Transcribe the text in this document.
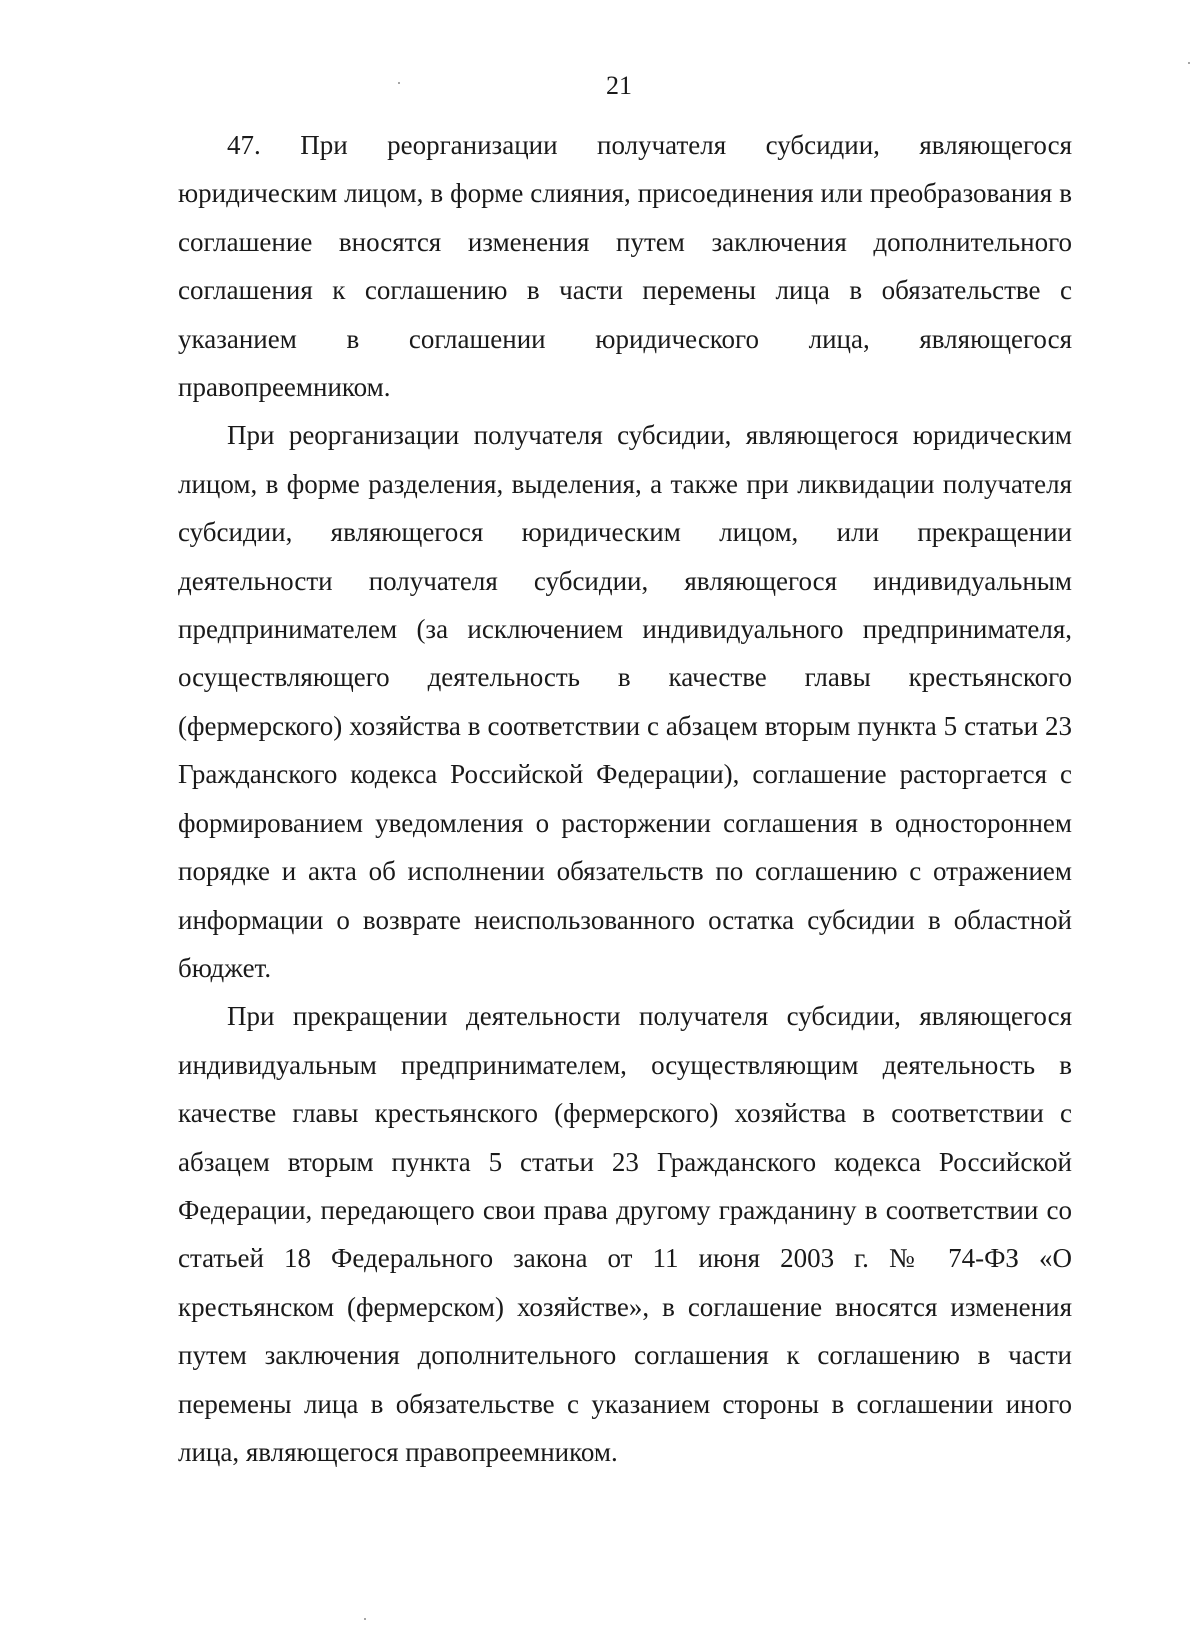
21

47. При реорганизации получателя субсидии, являющегося юридическим лицом, в форме слияния, присоединения или преобразования в соглашение вносятся изменения путем заключения дополнительного соглашения к соглашению в части перемены лица в обязательстве с указанием в соглашении юридического лица, являющегося правопреемником.

При реорганизации получателя субсидии, являющегося юридическим лицом, в форме разделения, выделения, а также при ликвидации получателя субсидии, являющегося юридическим лицом, или прекращении деятельности получателя субсидии, являющегося индивидуальным предпринимателем (за исключением индивидуального предпринимателя, осуществляющего деятельность в качестве главы крестьянского (фермерского) хозяйства в соответствии с абзацем вторым пункта 5 статьи 23 Гражданского кодекса Российской Федерации), соглашение расторгается с формированием уведомления о расторжении соглашения в одностороннем порядке и акта об исполнении обязательств по соглашению с отражением информации о возврате неиспользованного остатка субсидии в областной бюджет.

При прекращении деятельности получателя субсидии, являющегося индивидуальным предпринимателем, осуществляющим деятельность в качестве главы крестьянского (фермерского) хозяйства в соответствии с абзацем вторым пункта 5 статьи 23 Гражданского кодекса Российской Федерации, передающего свои права другому гражданину в соответствии со статьей 18 Федерального закона от 11 июня 2003 г. № 74-ФЗ «О крестьянском (фермерском) хозяйстве», в соглашение вносятся изменения путем заключения дополнительного соглашения к соглашению в части перемены лица в обязательстве с указанием стороны в соглашении иного лица, являющегося правопреемником.
